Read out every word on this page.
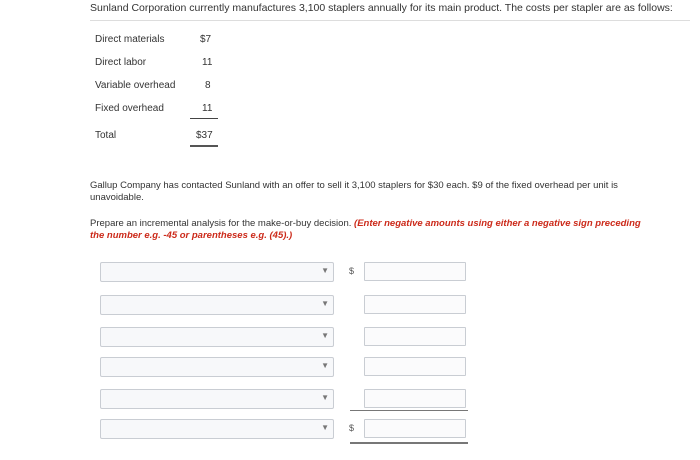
Sunland Corporation currently manufactures 3,100 staplers annually for its main product. The costs per stapler are as follows:
Direct materials	$7
Direct labor	11
Variable overhead	8
Fixed overhead	11
Total	$37
Gallup Company has contacted Sunland with an offer to sell it 3,100 staplers for $30 each. $9 of the fixed overhead per unit is unavoidable.
Prepare an incremental analysis for the make-or-buy decision. (Enter negative amounts using either a negative sign preceding the number e.g. -45 or parentheses e.g. (45).)
▼ $
▼
▼
▼
▼
▼ $
